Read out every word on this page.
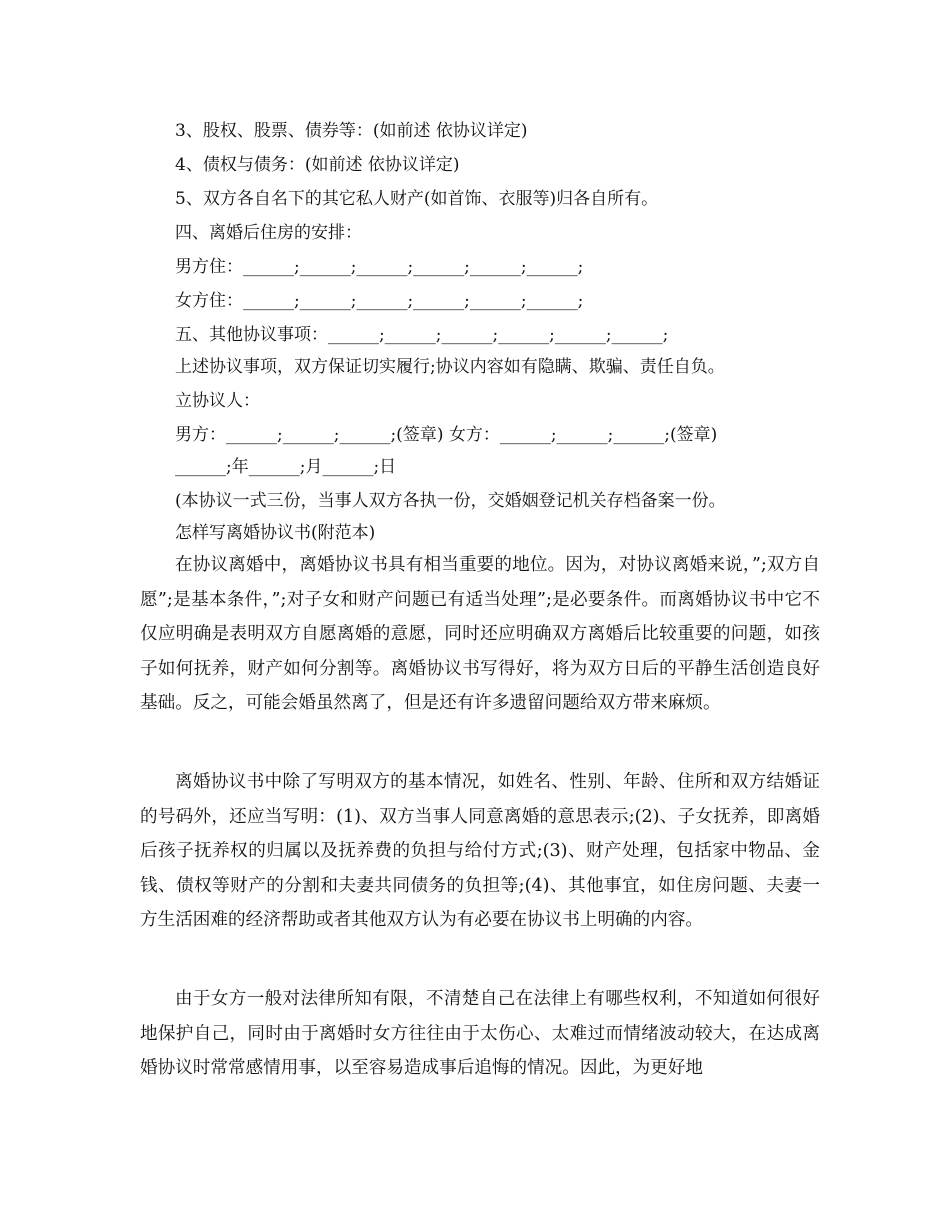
3、股权、股票、债券等：(如前述 依协议详定)
4、债权与债务：(如前述 依协议详定)
5、双方各自名下的其它私人财产(如首饰、衣服等)归各自所有。
四、离婚后住房的安排：
男方住：______;______;______;______;______;______;
女方住：______;______;______;______;______;______;
五、其他协议事项：______;______;______;______;______;______;
上述协议事项，双方保证切实履行;协议内容如有隐瞒、欺骗、责任自负。
立协议人：
男方：______;______;______;(签章) 女方：______;______;______;(签章)
______;年______;月______;日
(本协议一式三份，当事人双方各执一份，交婚姻登记机关存档备案一份。
怎样写离婚协议书(附范本)
在协议离婚中，离婚协议书具有相当重要的地位。因为，对协议离婚来说，”;双方自愿”;是基本条件，”;对子女和财产问题已有适当处理”;是必要条件。而离婚协议书中它不仅应明确是表明双方自愿离婚的意愿，同时还应明确双方离婚后比较重要的问题，如孩子如何抚养，财产如何分割等。离婚协议书写得好，将为双方日后的平静生活创造良好基础。反之，可能会婚虽然离了，但是还有许多遗留问题给双方带来麻烦。
离婚协议书中除了写明双方的基本情况，如姓名、性别、年龄、住所和双方结婚证的号码外，还应当写明：(1)、双方当事人同意离婚的意思表示;(2)、子女抚养，即离婚后孩子抚养权的归属以及抚养费的负担与给付方式;(3)、财产处理，包括家中物品、金钱、债权等财产的分割和夫妻共同债务的负担等;(4)、其他事宜，如住房问题、夫妻一方生活困难的经济帮助或者其他双方认为有必要在协议书上明确的内容。
由于女方一般对法律所知有限，不清楚自己在法律上有哪些权利，不知道如何很好地保护自己，同时由于离婚时女方往往由于太伤心、太难过而情绪波动较大，在达成离婚协议时常常感情用事，以至容易造成事后追悔的情况。因此，为更好地
